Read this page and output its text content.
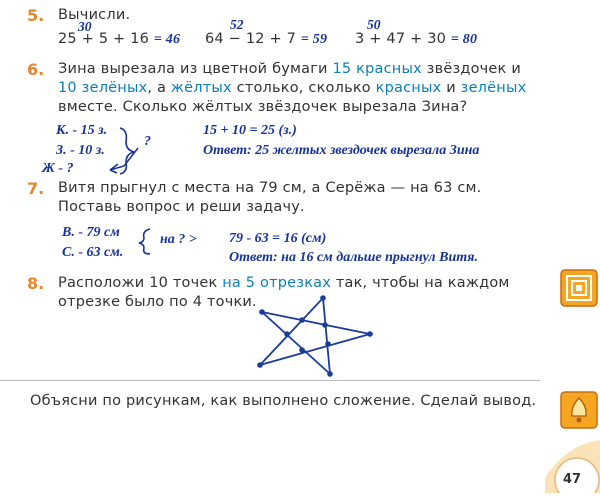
5. Вычисли.
30	52	50
25 + 5 + 16 = 46 64 − 12 + 7 = 59 3 + 47 + 30 = 80
6. Зина вырезала из цветной бумаги 15 красных звёздочек и
10 зелёных, а жёлтых столько, сколько красных и зелёных
вместе. Сколько жёлтых звёздочек вырезала Зина?
К. - 15 з.
З. - 10 з.
Ж - ?
?
15 + 10 = 25 (з.)
Ответ: 25 желтых звездочек вырезала Зина
7. Витя прыгнул с места на 79 см, а Серёжа — на 63 см.
Поставь вопрос и реши задачу.
В. - 79 см
С. - 63 см.
на ? > 79 - 63 = 16 (см)
Ответ: на 16 см дальше прыгнул Витя.
8. Расположи 10 точек на 5 отрезках так, чтобы на каждом
отрезке было по 4 точки.
Объясни по рисункам, как выполнено сложение. Сделай вывод.
47
